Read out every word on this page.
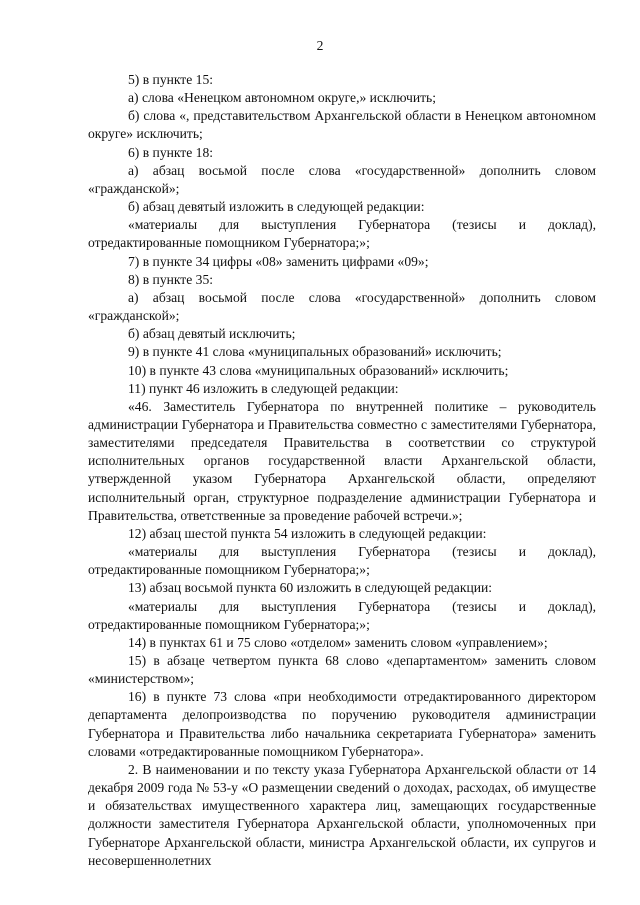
2

5) в пункте 15:

а) слова «Ненецком автономном округе,» исключить;

б) слова «, представительством Архангельской области в Ненецком автономном округе» исключить;

6) в пункте 18:

а) абзац восьмой после слова «государственной» дополнить словом «гражданской»;

б) абзац девятый изложить в следующей редакции:

«материалы для выступления Губернатора (тезисы и доклад), отредактированные помощником Губернатора;»;

7) в пункте 34 цифры «08» заменить цифрами «09»;

8) в пункте 35:

а) абзац восьмой после слова «государственной» дополнить словом «гражданской»;

б) абзац девятый исключить;

9) в пункте 41 слова «муниципальных образований» исключить;

10) в пункте 43 слова «муниципальных образований» исключить;

11) пункт 46 изложить в следующей редакции:

«46. Заместитель Губернатора по внутренней политике – руководитель администрации Губернатора и Правительства совместно с заместителями Губернатора, заместителями председателя Правительства в соответствии со структурой исполнительных органов государственной власти Архангельской области, утвержденной указом Губернатора Архангельской области, определяют исполнительный орган, структурное подразделение администрации Губернатора и Правительства, ответственные за проведение рабочей встречи.»;

12) абзац шестой пункта 54 изложить в следующей редакции:

«материалы для выступления Губернатора (тезисы и доклад), отредактированные помощником Губернатора;»;

13) абзац восьмой пункта 60 изложить в следующей редакции:

«материалы для выступления Губернатора (тезисы и доклад), отредактированные помощником Губернатора;»;

14) в пунктах 61 и 75 слово «отделом» заменить словом «управлением»;

15) в абзаце четвертом пункта 68 слово «департаментом» заменить словом «министерством»;

16) в пункте 73 слова «при необходимости отредактированного директором департамента делопроизводства по поручению руководителя администрации Губернатора и Правительства либо начальника секретариата Губернатора» заменить словами «отредактированные помощником Губернатора».

2. В наименовании и по тексту указа Губернатора Архангельской области от 14 декабря 2009 года № 53-у «О размещении сведений о доходах, расходах, об имуществе и обязательствах имущественного характера лиц, замещающих государственные должности заместителя Губернатора Архангельской области, уполномоченных при Губернаторе Архангельской области, министра Архангельской области, их супругов и несовершеннолетних
